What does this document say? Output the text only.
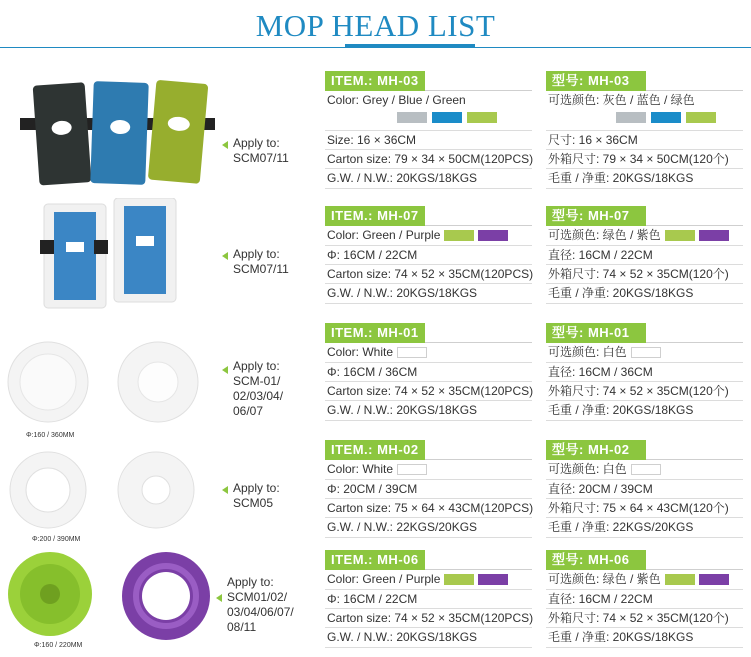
MOP HEAD LIST
Φ:160 / 360MM
Φ:200 / 390MM
Φ:160 / 220MM
Apply to:
SCM07/11
Apply to:
SCM07/11
Apply to:
SCM-01/
02/03/04/
06/07
Apply to:
SCM05
Apply to:
SCM01/02/
03/04/06/07/
08/11
ITEM.: MH-03
Color: Grey / Blue / Green
Size: 16 × 36CM
Carton size: 79 × 34 × 50CM(120PCS)
G.W. / N.W.: 20KGS/18KGS
型号: MH-03
可选颜色: 灰色 / 蓝色 / 绿色
尺寸: 16 × 36CM
外箱尺寸: 79 × 34 × 50CM(120个)
毛重 / 净重: 20KGS/18KGS
ITEM.: MH-07
Color: Green / Purple
Φ: 16CM / 22CM
Carton size: 74 × 52 × 35CM(120PCS)
G.W. / N.W.: 20KGS/18KGS
型号: MH-07
可选颜色: 绿色 / 紫色
直径: 16CM / 22CM
外箱尺寸: 74 × 52 × 35CM(120个)
毛重 / 净重: 20KGS/18KGS
ITEM.: MH-01
Color: White
Φ: 16CM / 36CM
Carton size: 74 × 52 × 35CM(120PCS)
G.W. / N.W.: 20KGS/18KGS
型号: MH-01
可选颜色: 白色
直径: 16CM / 36CM
外箱尺寸: 74 × 52 × 35CM(120个)
毛重 / 净重: 20KGS/18KGS
ITEM.: MH-02
Color: White
Φ: 20CM / 39CM
Carton size: 75 × 64 × 43CM(120PCS)
G.W. / N.W.: 22KGS/20KGS
型号: MH-02
可选颜色: 白色
直径: 20CM / 39CM
外箱尺寸: 75 × 64 × 43CM(120个)
毛重 / 净重: 22KGS/20KGS
ITEM.: MH-06
Color: Green / Purple
Φ: 16CM / 22CM
Carton size: 74 × 52 × 35CM(120PCS)
G.W. / N.W.: 20KGS/18KGS
型号: MH-06
可选颜色: 绿色 / 紫色
直径: 16CM / 22CM
外箱尺寸: 74 × 52 × 35CM(120个)
毛重 / 净重: 20KGS/18KGS
